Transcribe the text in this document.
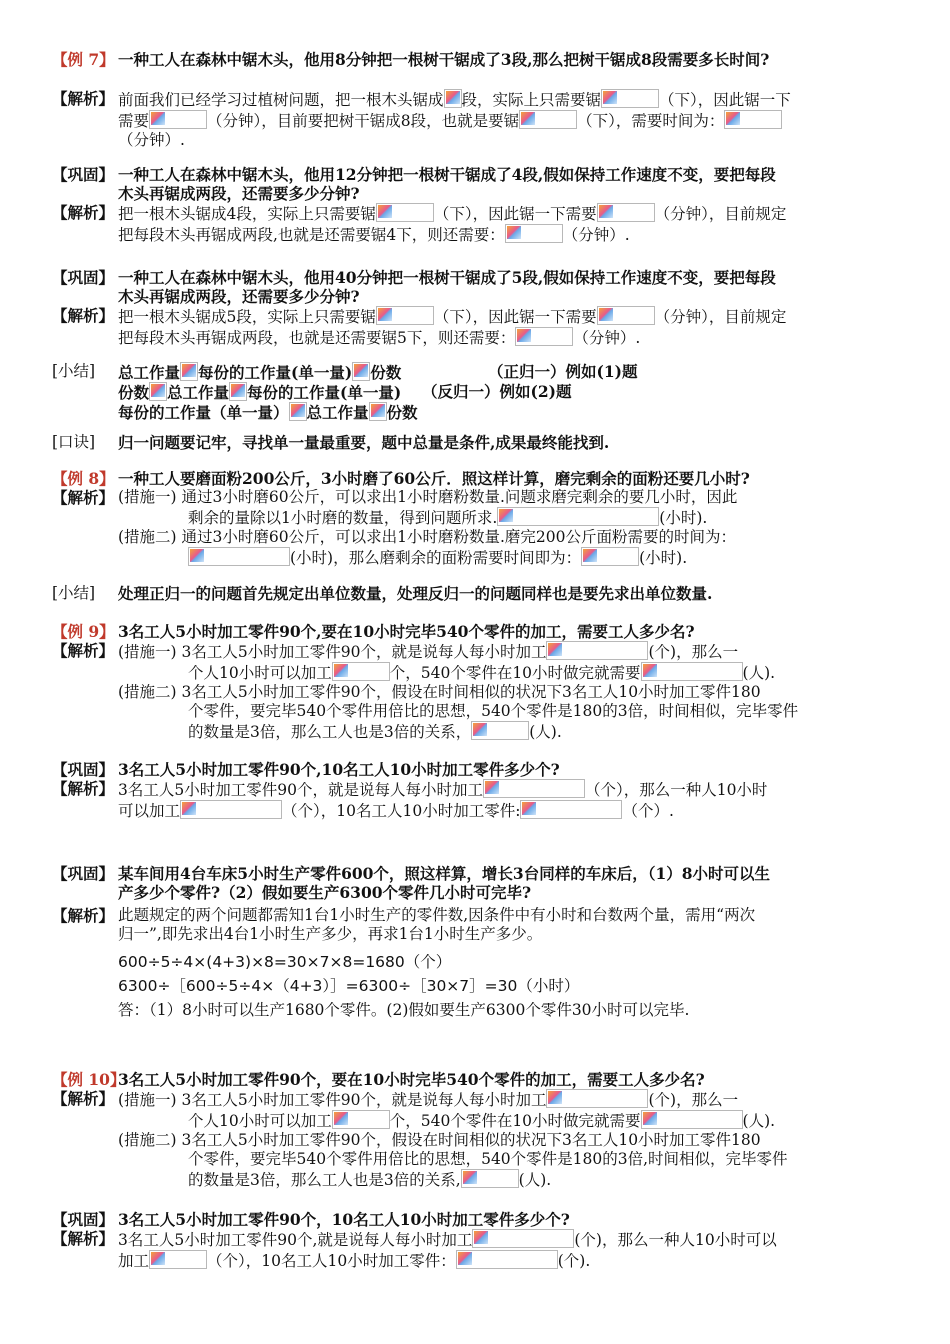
【例 7】 一种工人在森林中锯木头，他用8分钟把一根树干锯成了3段,那么把树干锯成8段需要多长时间?
【解析】 前面我们已经学习过植树问题，把一根木头锯成 段，实际上只需要锯	（下），因此锯一下
需要	（分钟），目前要把树干锯成8段，也就是要锯	（下），需要时间为：
（分钟）.
【巩固】 一种工人在森林中锯木头，他用12分钟把一根树干锯成了4段,假如保持工作速度不变，要把每段
木头再锯成两段，还需要多少分钟?
【解析】 把一根木头锯成4段，实际上只需要锯	（下），因此锯一下需要	（分钟），目前规定
把每段木头再锯成两段,也就是还需要锯4下，则还需要：	（分钟）.
【巩固】 一种工人在森林中锯木头，他用40分钟把一根树干锯成了5段,假如保持工作速度不变，要把每段
木头再锯成两段，还需要多少分钟?
【解析】 把一根木头锯成5段，实际上只需要锯	（下），因此锯一下需要	（分钟），目前规定
把每段木头再锯成两段，也就是还需要锯5下，则还需要：	（分钟）.
[小结]	总工作量 每份的工作量(单一量) 份数	（正归一）例如(1)题
份数 总工作量 每份的工作量(单一量)	（反归一）例如(2)题
每份的工作量（单一量） 总工作量 份数
[口诀]	归一问题要记牢，寻找单一量最重要，题中总量是条件,成果最终能找到.
【例 8】 一种工人要磨面粉200公斤，3小时磨了60公斤．照这样计算，磨完剩余的面粉还要几小时?
【解析】 (措施一) 通过3小时磨60公斤，可以求出1小时磨粉数量.问题求磨完剩余的要几小时，因此
剩余的量除以1小时磨的数量，得到问题所求.	(小时).
(措施二) 通过3小时磨60公斤，可以求出1小时磨粉数量.磨完200公斤面粉需要的时间为：
(小时)，那么磨剩余的面粉需要时间即为：	(小时).
[小结]	处理正归一的问题首先规定出单位数量，处理反归一的问题同样也是要先求出单位数量.
【例 9】 3名工人5小时加工零件90个,要在10小时完毕540个零件的加工，需要工人多少名?
【解析】 (措施一) 3名工人5小时加工零件90个，就是说每人每小时加工	(个)，那么一
个人10小时可以加工	个，540个零件在10小时做完就需要	(人).
(措施二) 3名工人5小时加工零件90个，假设在时间相似的状况下3名工人10小时加工零件180
个零件，要完毕540个零件用倍比的思想，540个零件是180的3倍，时间相似，完毕零件
的数量是3倍，那么工人也是3倍的关系，	(人).
【巩固】 3名工人5小时加工零件90个,10名工人10小时加工零件多少个?
【解析】 3名工人5小时加工零件90个，就是说每人每小时加工	（个），那么一种人10小时
可以加工	（个），10名工人10小时加工零件:	（个）.
【巩固】 某车间用4台车床5小时生产零件600个，照这样算，增长3台同样的车床后，（1）8小时可以生
产多少个零件?（2）假如要生产6300个零件几小时可完毕?
【解析】 此题规定的两个问题都需知1台1小时生产的零件数,因条件中有小时和台数两个量，需用“两次
归一”,即先求出4台1小时生产多少，再求1台1小时生产多少。
600÷5÷4×(4+3)×8=30×7×8=1680（个）
6300÷［600÷5÷4×（4+3）］=6300÷［30×7］=30（小时）
答：（1）8小时可以生产1680个零件。(2)假如要生产6300个零件30小时可以完毕.
【例 10】
3名工人5小时加工零件90个，要在10小时完毕540个零件的加工，需要工人多少名?
【解析】 (措施一) 3名工人5小时加工零件90个，就是说每人每小时加工	(个)，那么一
个人10小时可以加工	个，540个零件在10小时做完就需要	(人).
(措施二) 3名工人5小时加工零件90个，假设在时间相似的状况下3名工人10小时加工零件180
个零件，要完毕540个零件用倍比的思想，540个零件是180的3倍,时间相似，完毕零件
的数量是3倍，那么工人也是3倍的关系,	(人).
【巩固】 3名工人5小时加工零件90个，10名工人10小时加工零件多少个?
【解析】 3名工人5小时加工零件90个,就是说每人每小时加工	(个)，那么一种人10小时可以
加工	（个），10名工人10小时加工零件：	(个).
